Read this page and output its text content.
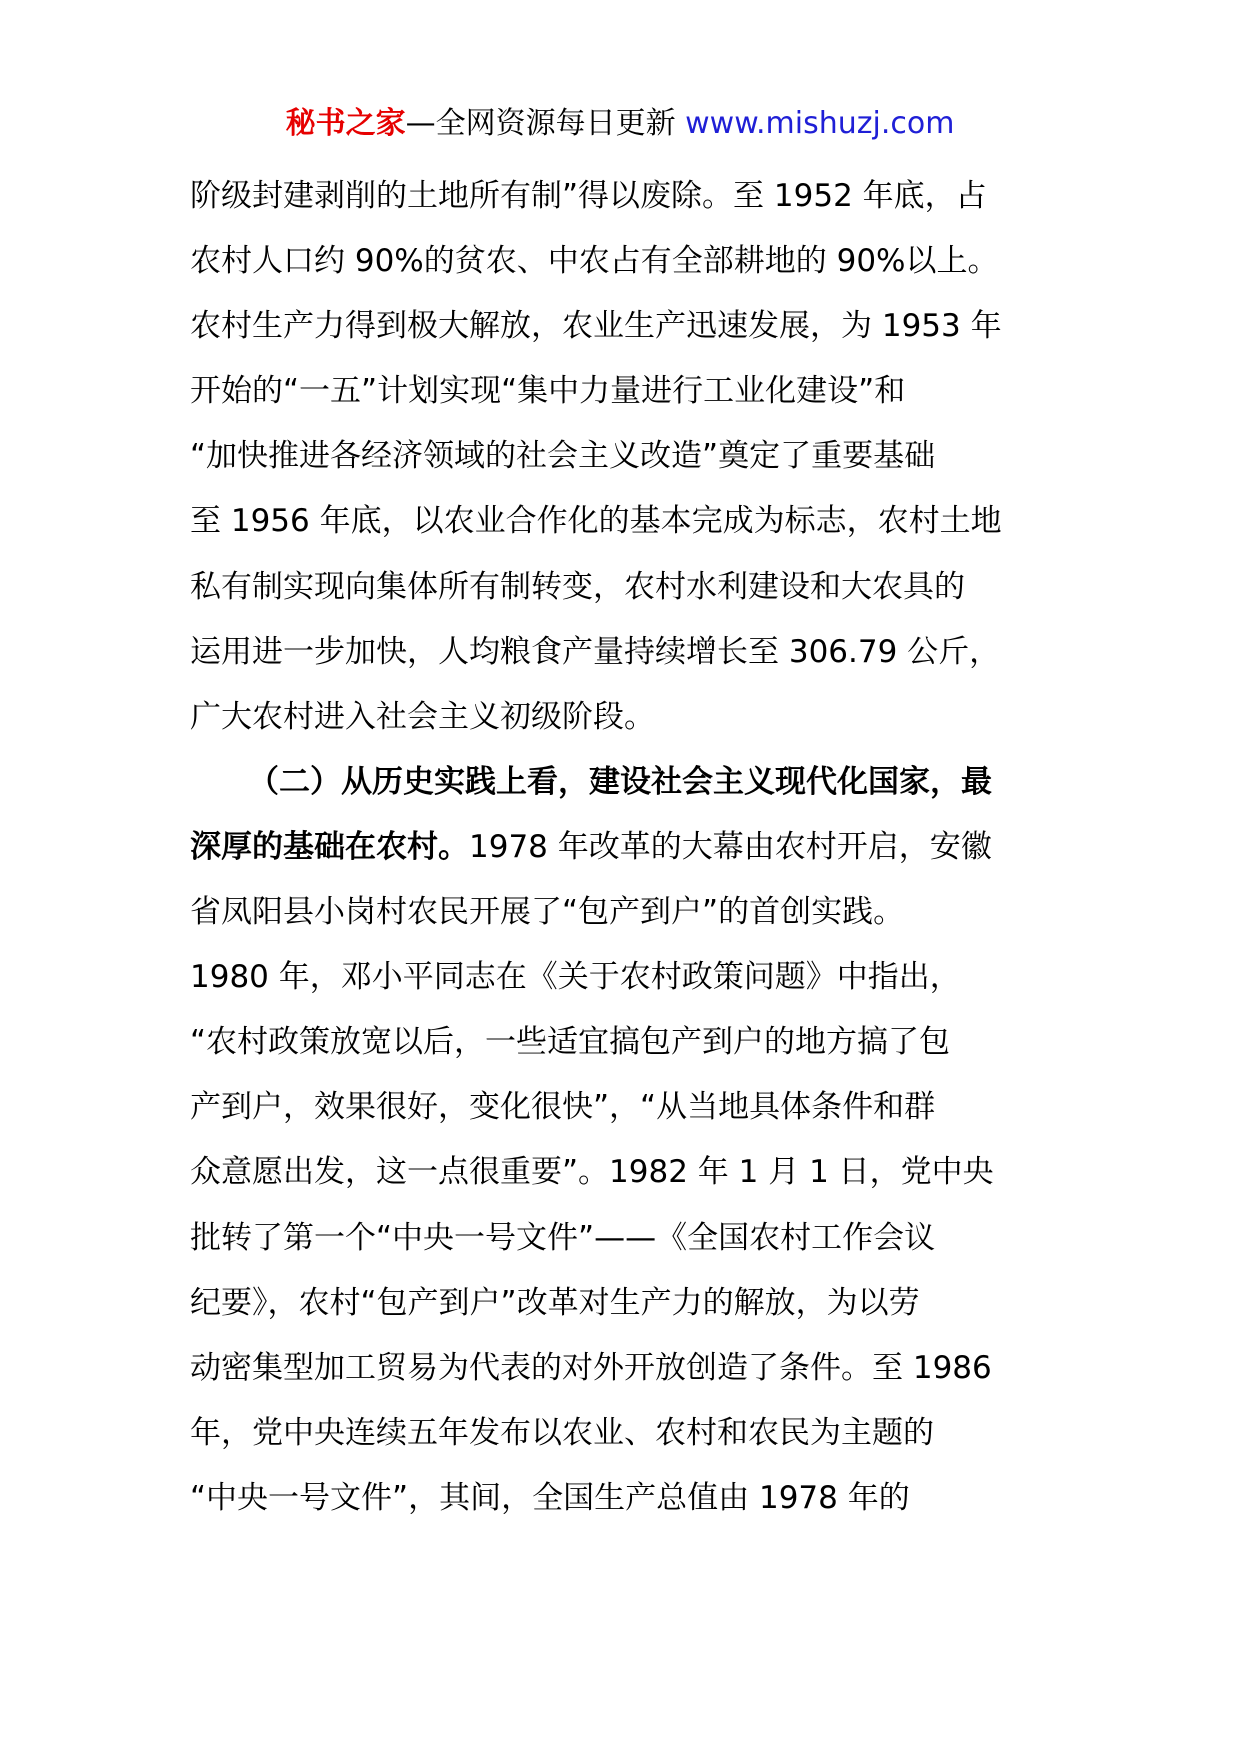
秘书之家—全网资源每日更新 www.mishuzj.com
阶级封建剥削的土地所有制”得以废除。至 1952 年底，占
农村人口约 90%的贫农、中农占有全部耕地的 90%以上。
农村生产力得到极大解放，农业生产迅速发展，为 1953 年
开始的“一五”计划实现“集中力量进行工业化建设”和
“加快推进各经济领域的社会主义改造”奠定了重要基础
至 1956 年底，以农业合作化的基本完成为标志，农村土地
私有制实现向集体所有制转变，农村水利建设和大农具的
运用进一步加快，人均粮食产量持续增长至 306.79 公斤，
广大农村进入社会主义初级阶段。
（二）从历史实践上看，建设社会主义现代化国家，最
深厚的基础在农村。1978 年改革的大幕由农村开启，安徽
省凤阳县小岗村农民开展了“包产到户”的首创实践。
1980 年，邓小平同志在《关于农村政策问题》中指出，
“农村政策放宽以后，一些适宜搞包产到户的地方搞了包
产到户，效果很好，变化很快”，“从当地具体条件和群
众意愿出发，这一点很重要”。1982 年 1 月 1 日，党中央
批转了第一个“中央一号文件”——《全国农村工作会议
纪要》，农村“包产到户”改革对生产力的解放，为以劳
动密集型加工贸易为代表的对外开放创造了条件。至 1986
年，党中央连续五年发布以农业、农村和农民为主题的
“中央一号文件”，其间，全国生产总值由 1978 年的
